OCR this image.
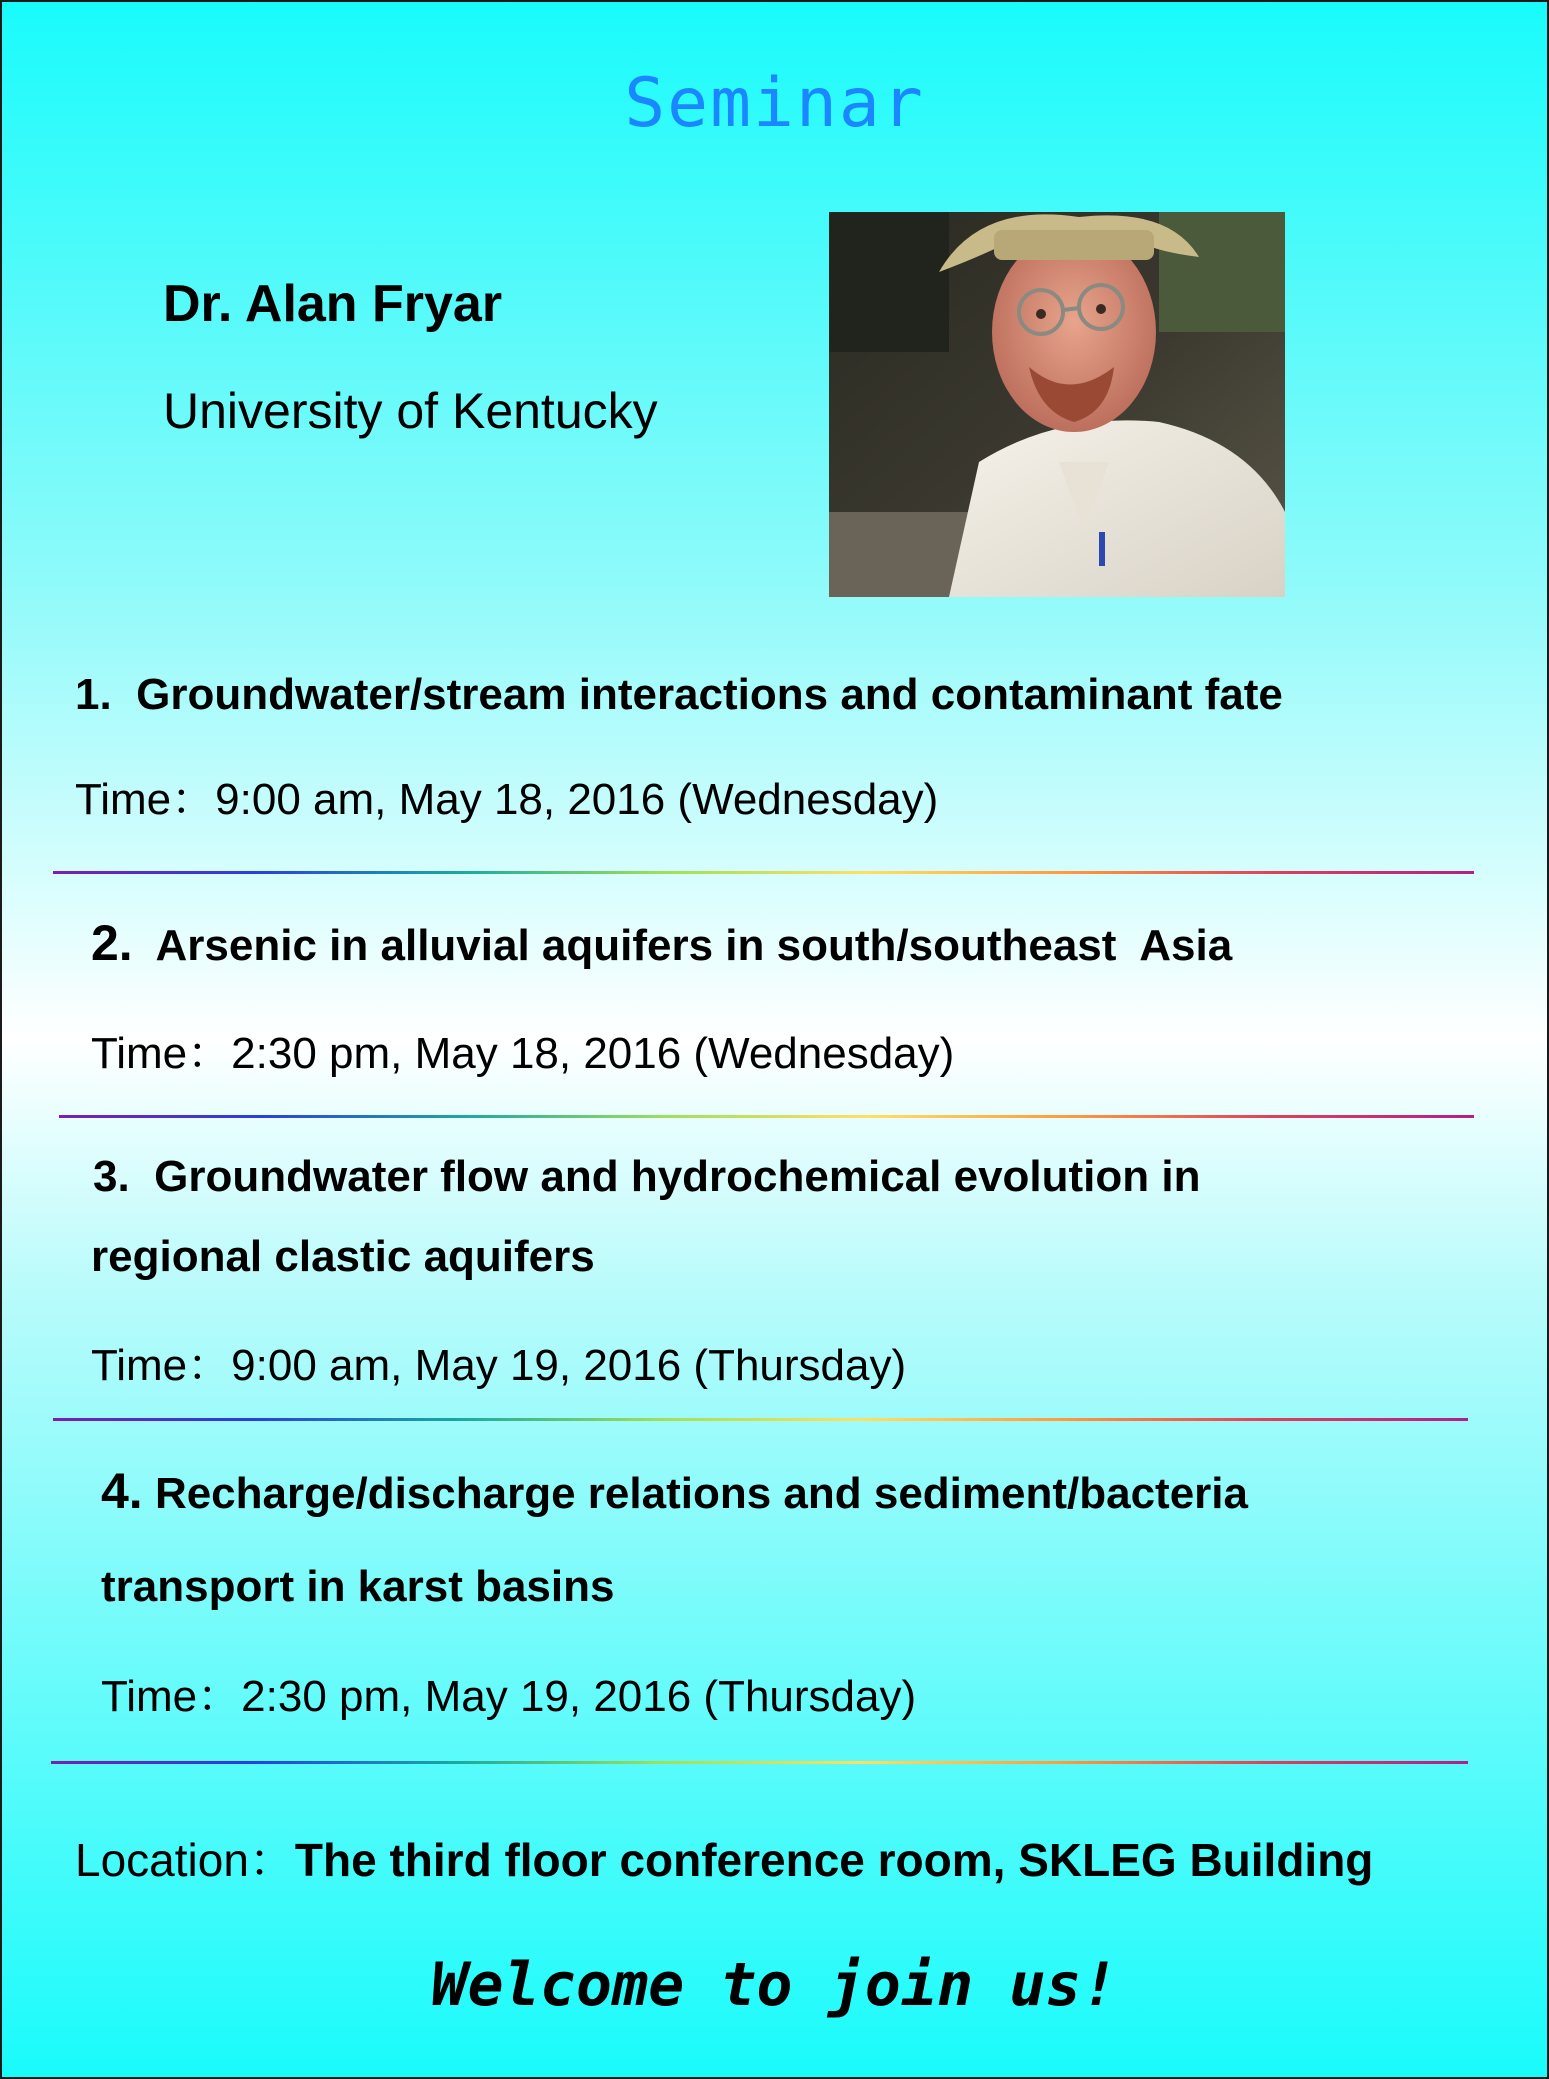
Seminar
Dr. Alan Fryar
University of Kentucky
1. Groundwater/stream interactions and contaminant fate
Time：9:00 am, May 18, 2016 (Wednesday)
2. Arsenic in alluvial aquifers in south/southeast  Asia
Time：2:30 pm, May 18, 2016 (Wednesday)
3. Groundwater flow and hydrochemical evolution in
regional clastic aquifers
Time：9:00 am, May 19, 2016 (Thursday)
4. Recharge/discharge relations and sediment/bacteria
transport in karst basins
Time：2:30 pm, May 19, 2016 (Thursday)
Location：The third floor conference room, SKLEG Building
Welcome to join us!
